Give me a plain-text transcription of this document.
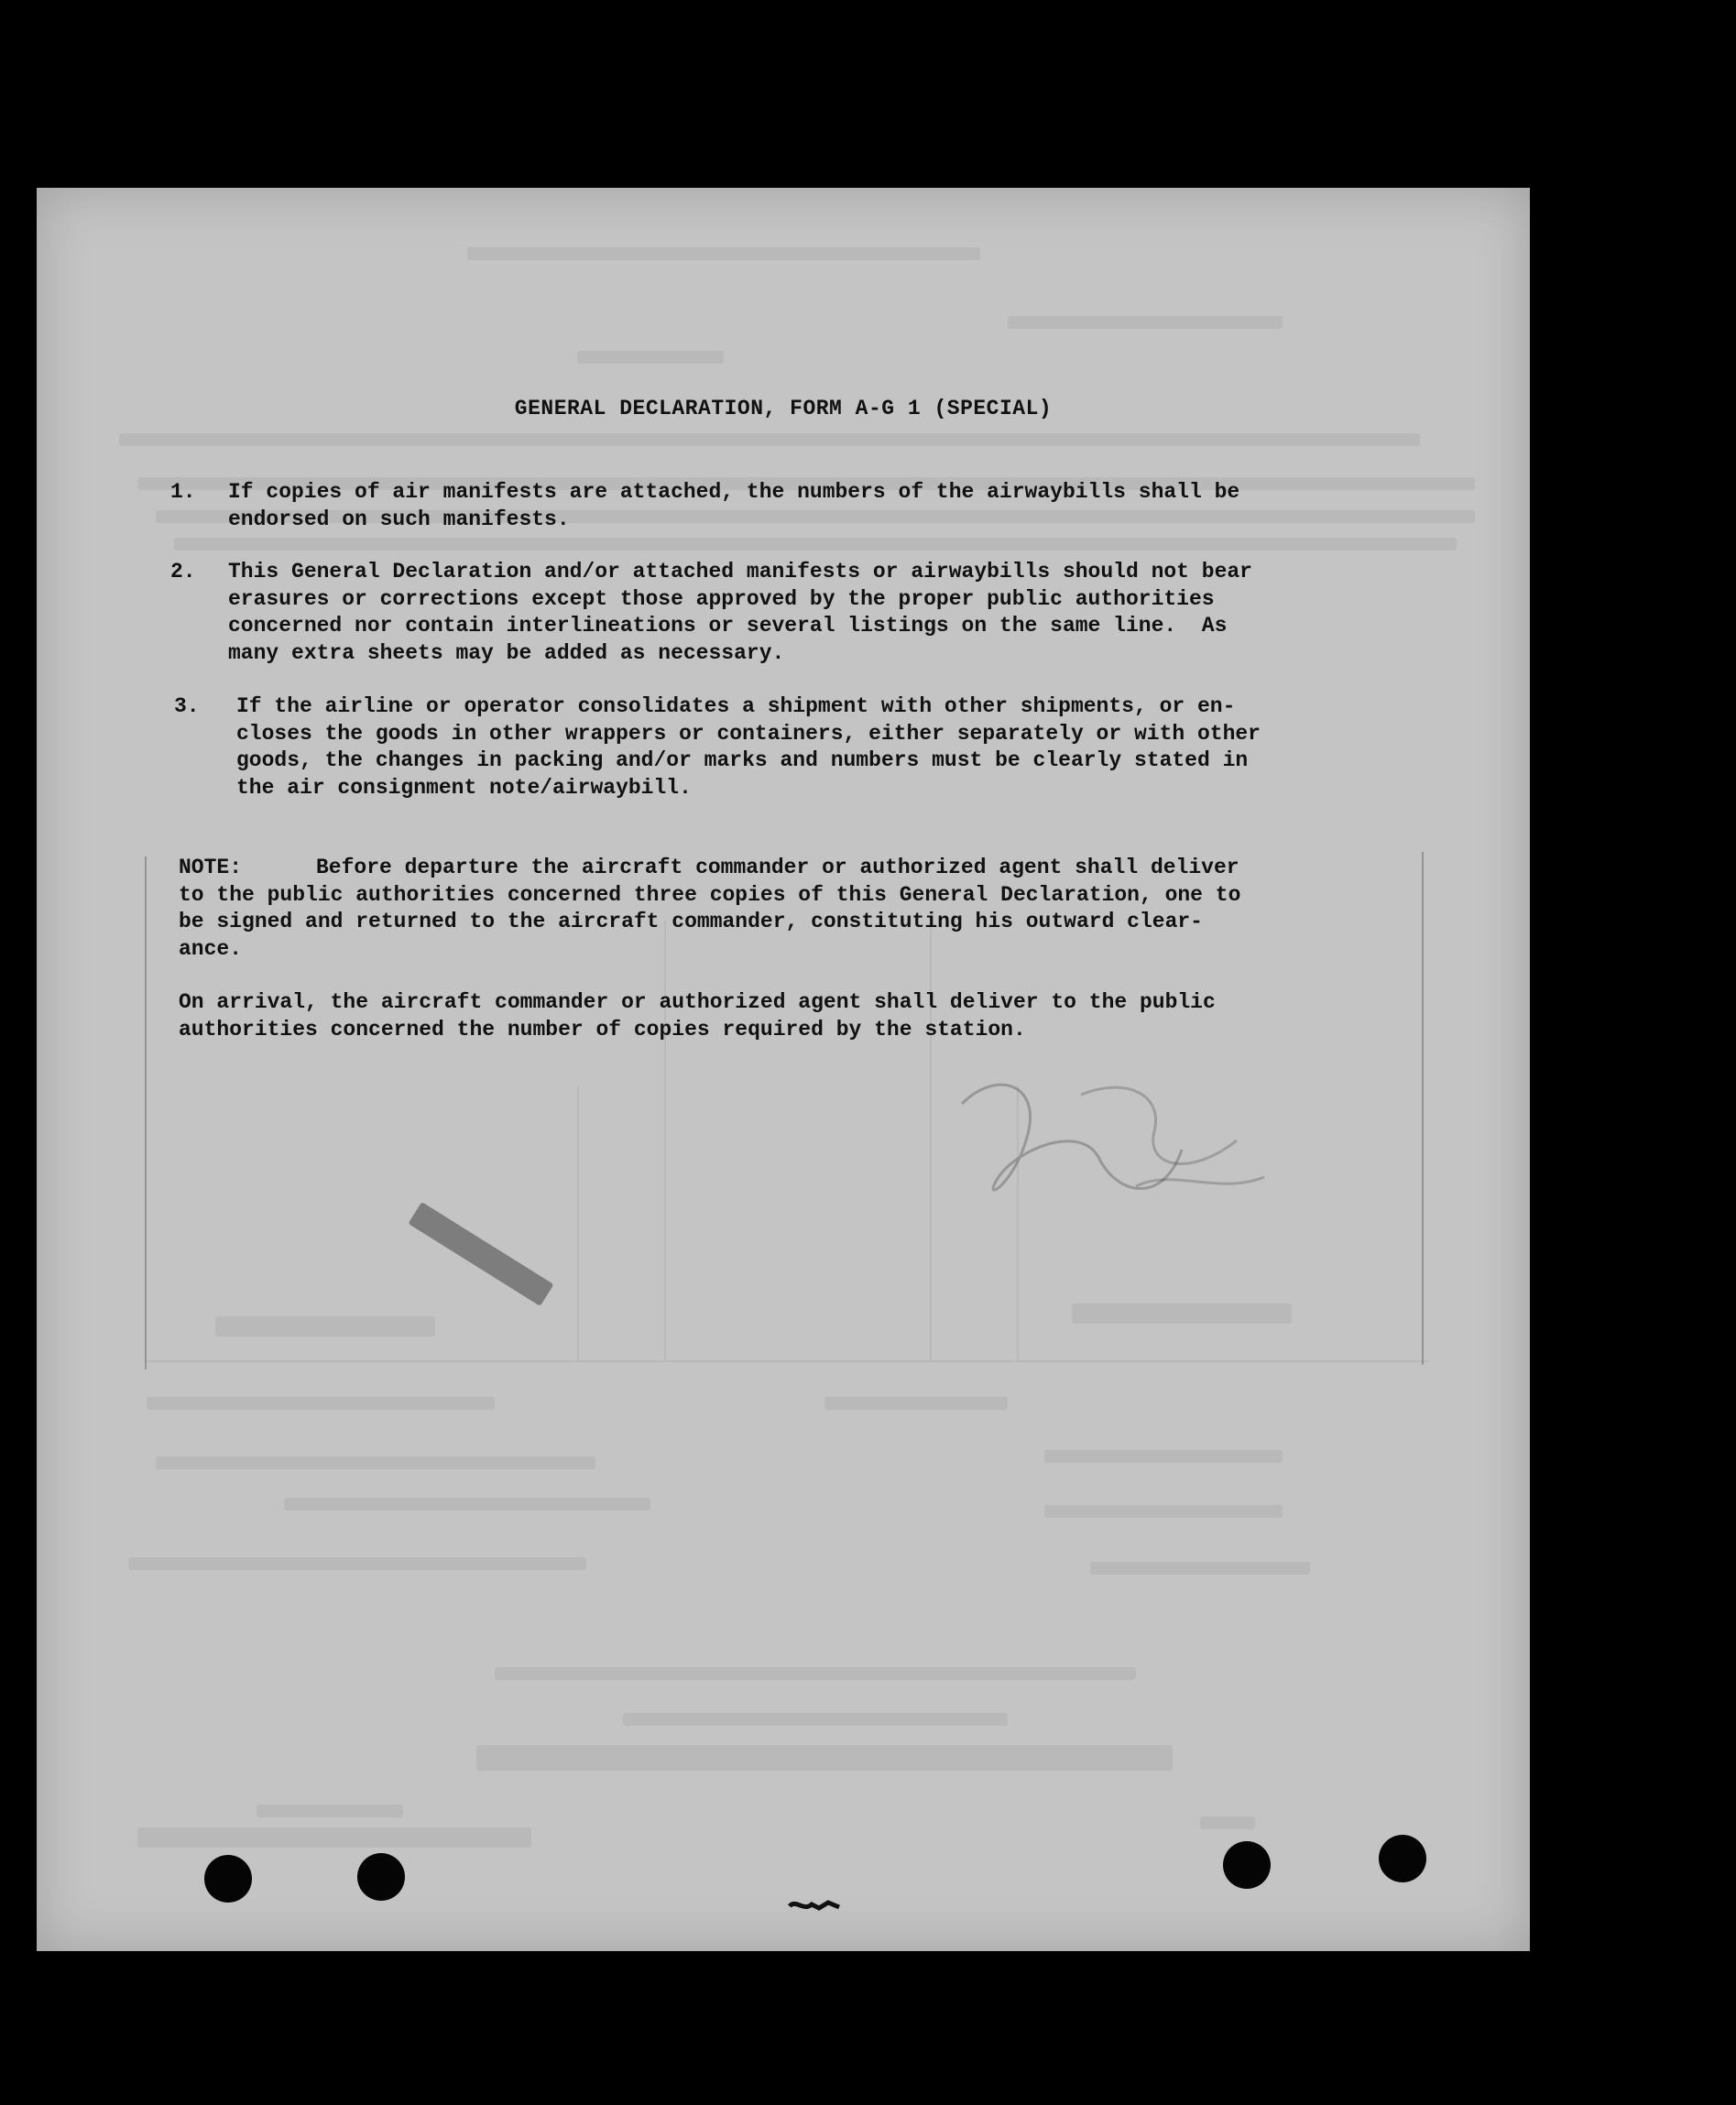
GENERAL DECLARATION, FORM A-G 1 (SPECIAL)
1.	If copies of air manifests are attached, the numbers of the airwaybills shall be
endorsed on such manifests.
2.	This General Declaration and/or attached manifests or airwaybills should not bear
erasures or corrections except those approved by the proper public authorities
concerned nor contain interlineations or several listings on the same line.  As
many extra sheets may be added as necessary.
3.	If the airline or operator consolidates a shipment with other shipments, or en-
closes the goods in other wrappers or containers, either separately or with other
goods, the changes in packing and/or marks and numbers must be clearly stated in
the air consignment note/airwaybill.
NOTE:	Before departure the aircraft commander or authorized agent shall deliver
to the public authorities concerned three copies of this General Declaration, one to
be signed and returned to the aircraft commander, constituting his outward clear-
ance.
On arrival, the aircraft commander or authorized agent shall deliver to the public
authorities concerned the number of copies required by the station.
